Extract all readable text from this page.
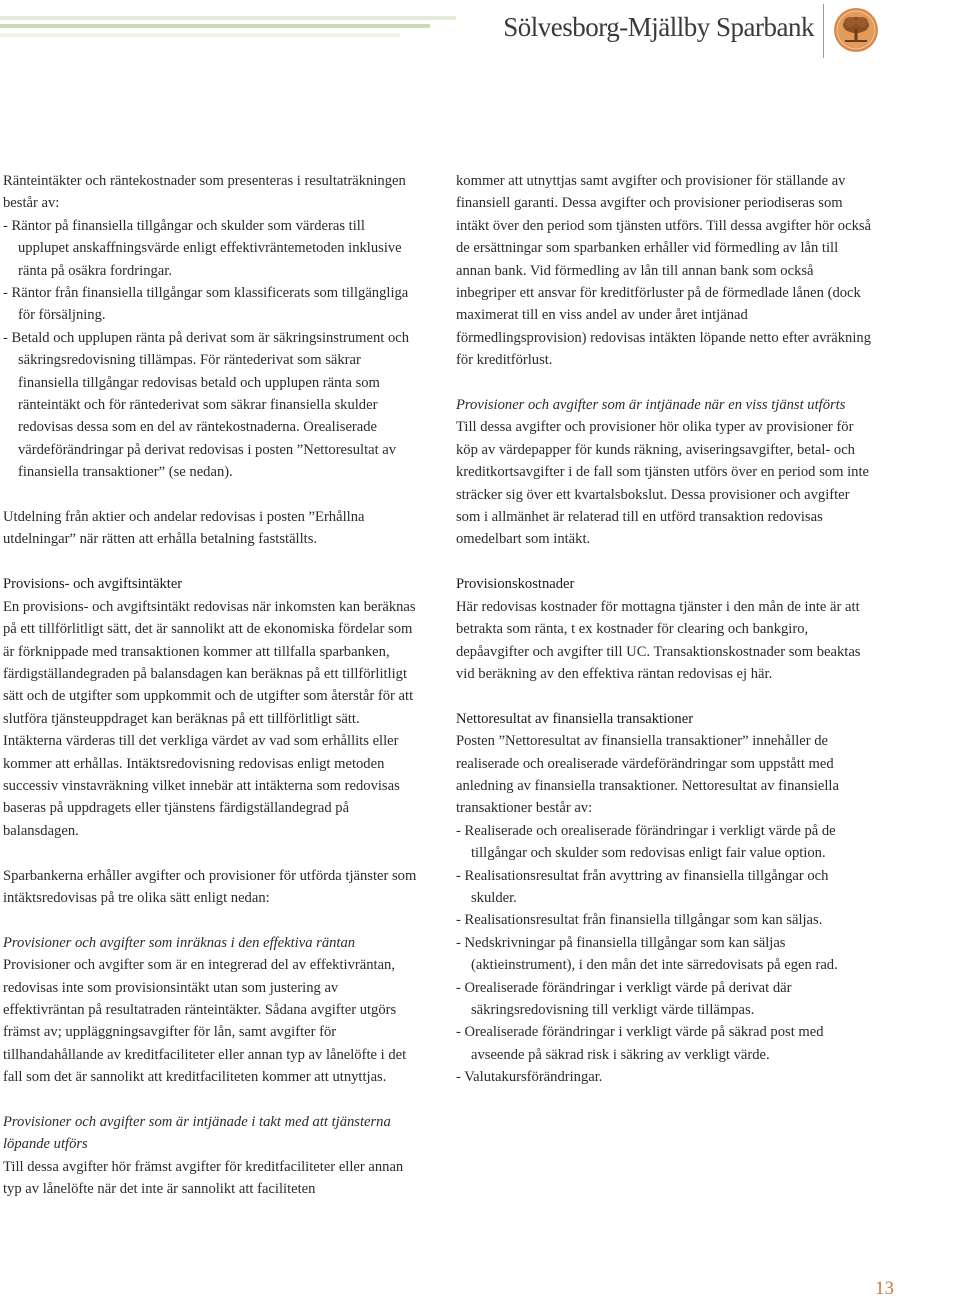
Sölvesborg-Mjällby Sparbank

Ränteintäkter och räntekostnader som presenteras i resultaträkningen består av:

- Räntor på finansiella tillgångar och skulder som värderas till upplupet anskaffningsvärde enligt effektivräntemetoden inklusive ränta på osäkra fordringar.

- Räntor från finansiella tillgångar som klassificerats som tillgängliga för försäljning.

- Betald och upplupen ränta på derivat som är säkringsinstrument och säkringsredovisning tillämpas. För räntederivat som säkrar finansiella tillgångar redovisas betald och upplupen ränta som ränteintäkt och för räntederivat som säkrar finansiella skulder redovisas dessa som en del av räntekostnaderna. Orealiserade värdeförändringar på derivat redovisas i posten ”Nettoresultat av finansiella transaktioner” (se nedan).

Utdelning från aktier och andelar redovisas i posten ”Erhållna utdelningar” när rätten att erhålla betalning fastställts.

Provisions- och avgiftsintäkter

En provisions- och avgiftsintäkt redovisas när inkomsten kan beräknas på ett tillförlitligt sätt, det är sannolikt att de ekonomiska fördelar som är förknippade med transaktionen kommer att tillfalla sparbanken, färdigställandegraden på balansdagen kan beräknas på ett tillförlitligt sätt och de utgifter som uppkommit och de utgifter som återstår för att slutföra tjänsteuppdraget kan beräknas på ett tillförlitligt sätt. Intäkterna värderas till det verkliga värdet av vad som erhållits eller kommer att erhållas. Intäktsredovisning redovisas enligt metoden successiv vinstavräkning vilket innebär att intäkterna som redovisas baseras på uppdragets eller tjänstens färdigställandegrad på balansdagen.

Sparbankerna erhåller avgifter och provisioner för utförda tjänster som intäktsredovisas på tre olika sätt enligt nedan:

Provisioner och avgifter som inräknas i den effektiva räntan

Provisioner och avgifter som är en integrerad del av effektivräntan, redovisas inte som provisionsintäkt utan som justering av effektivräntan på resultatraden ränteintäkter. Sådana avgifter utgörs främst av; uppläggningsavgifter för lån, samt avgifter för tillhandahållande av kreditfaciliteter eller annan typ av lånelöfte i det fall som det är sannolikt att kreditfaciliteten kommer att utnyttjas.

Provisioner och avgifter som är intjänade i takt med att tjänsterna löpande utförs

Till dessa avgifter hör främst avgifter för kreditfaciliteter eller annan typ av lånelöfte när det inte är sannolikt att faciliteten

kommer att utnyttjas samt avgifter och provisioner för ställande av finansiell garanti. Dessa avgifter och provisioner periodiseras som intäkt över den period som tjänsten utförs. Till dessa avgifter hör också de ersättningar som sparbanken erhåller vid förmedling av lån till annan bank. Vid förmedling av lån till annan bank som också inbegriper ett ansvar för kreditförluster på de förmedlade lånen (dock maximerat till en viss andel av under året intjänad förmedlingsprovision) redovisas intäkten löpande netto efter avräkning för kreditförlust.

Provisioner och avgifter som är intjänade när en viss tjänst utförts

Till dessa avgifter och provisioner hör olika typer av provisioner för köp av värdepapper för kunds räkning, aviseringsavgifter, betal- och kreditkortsavgifter i de fall som tjänsten utförs över en period som inte sträcker sig över ett kvartalsbokslut. Dessa provisioner och avgifter som i allmänhet är relaterad till en utförd transaktion redovisas omedelbart som intäkt.

Provisionskostnader

Här redovisas kostnader för mottagna tjänster i den mån de inte är att betrakta som ränta, t ex kostnader för clearing och bankgiro, depåavgifter och avgifter till UC. Transaktionskostnader som beaktas vid beräkning av den effektiva räntan redovisas ej här.

Nettoresultat av finansiella transaktioner

Posten ”Nettoresultat av finansiella transaktioner” innehåller de realiserade och orealiserade värdeförändringar som uppstått med anledning av finansiella transaktioner. Nettoresultat av finansiella transaktioner består av:

- Realiserade och orealiserade förändringar i verkligt värde på de tillgångar och skulder som redovisas enligt fair value option.

- Realisationsresultat från avyttring av finansiella tillgångar och skulder.

- Realisationsresultat från finansiella tillgångar som kan säljas.

- Nedskrivningar på finansiella tillgångar som kan säljas (aktieinstrument), i den mån det inte särredovisats på egen rad.

- Orealiserade förändringar i verkligt värde på derivat där säkringsredovisning till verkligt värde tillämpas.

- Orealiserade förändringar i verkligt värde på säkrad post med avseende på säkrad risk i säkring av verkligt värde.

- Valutakursförändringar.

13
